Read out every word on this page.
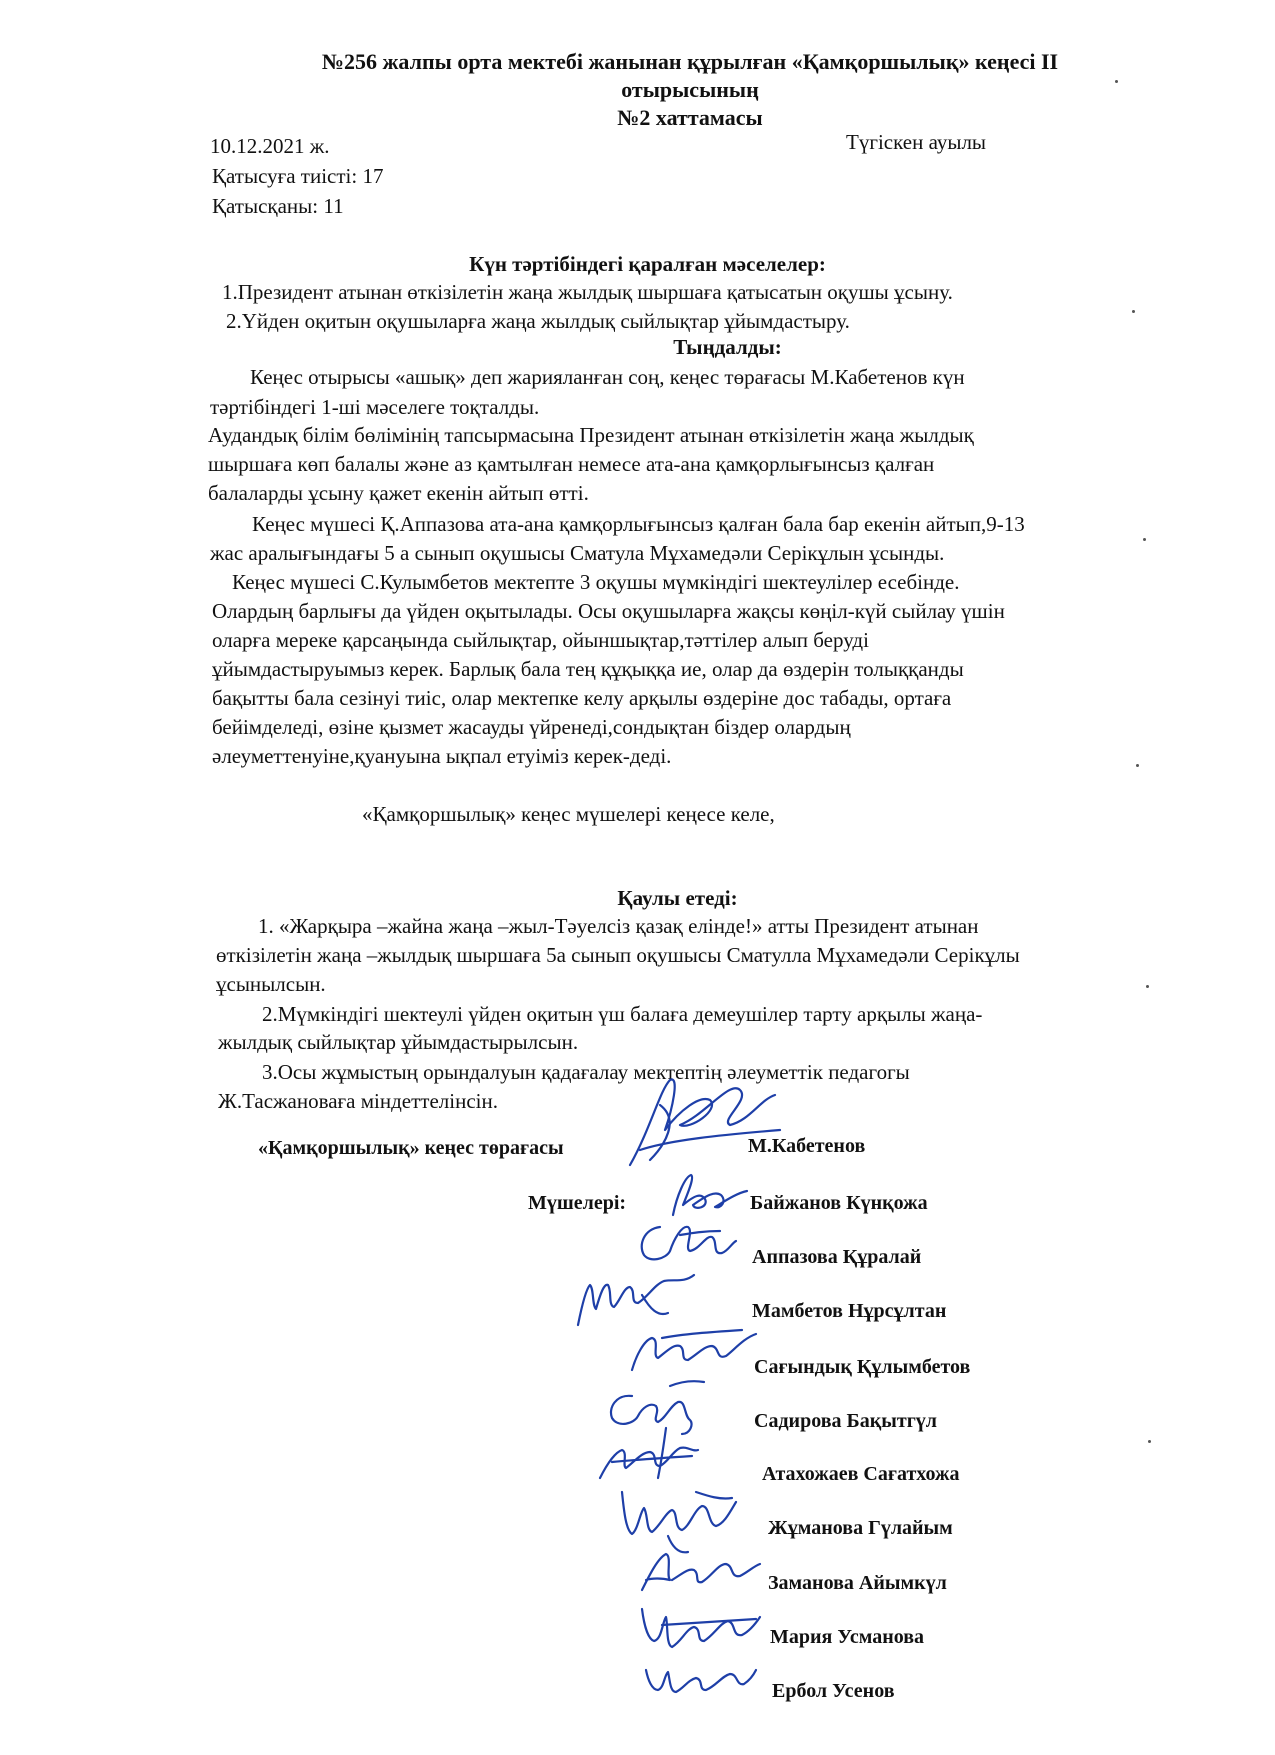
№256 жалпы орта мектебі жанынан құрылған «Қамқоршылық» кеңесі ІІ
отырысының
№2 хаттамасы
10.12.2021 ж.	Түгіскен ауылы
Қатысуға тиісті: 17
Қатысқаны: 11
Күн тәртібіндегі қаралған мәселелер:
1.Президент атынан өткізілетін жаңа жылдық шыршаға қатысатын оқушы ұсыну.
2.Үйден оқитын оқушыларға жаңа жылдық сыйлықтар ұйымдастыру.
Тыңдалды:
Кеңес отырысы «ашық» деп жарияланған соң, кеңес төрағасы М.Кабетенов күн
тәртібіндегі 1-ші мәселеге тоқталды.
Аудандық білім бөлімінің тапсырмасына Президент атынан өткізілетін жаңа жылдық
шыршаға көп балалы және аз қамтылған немесе ата-ана қамқорлығынсыз қалған
балаларды ұсыну қажет екенін айтып өтті.
Кеңес мүшесі Қ.Аппазова ата-ана қамқорлығынсыз қалған бала бар екенін айтып,9-13
жас аралығындағы 5 а сынып оқушысы Сматула Мұхамедәли Серікұлын ұсынды.
Кеңес мүшесі С.Кулымбетов мектепте 3 оқушы мүмкіндігі шектеулілер есебінде.
Олардың барлығы да үйден оқытылады. Осы оқушыларға жақсы көңіл-күй сыйлау үшін
оларға мереке қарсаңында сыйлықтар, ойыншықтар,тәттілер алып беруді
ұйымдастыруымыз керек. Барлық бала тең құқыққа ие, олар да өздерін толыққанды
бақытты бала сезінуі тиіс, олар мектепке келу арқылы өздеріне дос табады, ортаға
бейімделеді, өзіне қызмет жасауды үйренеді,сондықтан біздер олардың
әлеуметтенуіне,қуануына ықпал етуіміз керек-деді.
«Қамқоршылық» кеңес мүшелері кеңесе келе,
Қаулы етеді:
1. «Жарқыра –жайна жаңа –жыл-Тәуелсіз қазақ елінде!» атты Президент атынан
өткізілетін жаңа –жылдық шыршаға 5а сынып оқушысы Сматулла Мұхамедәли Серікұлы
ұсынылсын.
2.Мүмкіндігі шектеулі үйден оқитын үш балаға демеушілер тарту арқылы жаңа-
жылдық сыйлықтар ұйымдастырылсын.
3.Осы жұмыстың орындалуын қадағалау мектептің әлеуметтік педагогы
Ж.Тасжановаға міндеттелінсін.
«Қамқоршылық» кеңес төрағасы	М.Кабетенов
Мүшелері:	Байжанов Күнқожа
Аппазова Құралай
Мамбетов Нұрсұлтан
Сағындық Құлымбетов
Садирова Бақытгүл
Атахожаев Сағатхожа
Жұманова Гүлайым
Заманова Айымкүл
Мария Усманова
Ербол Усенов
